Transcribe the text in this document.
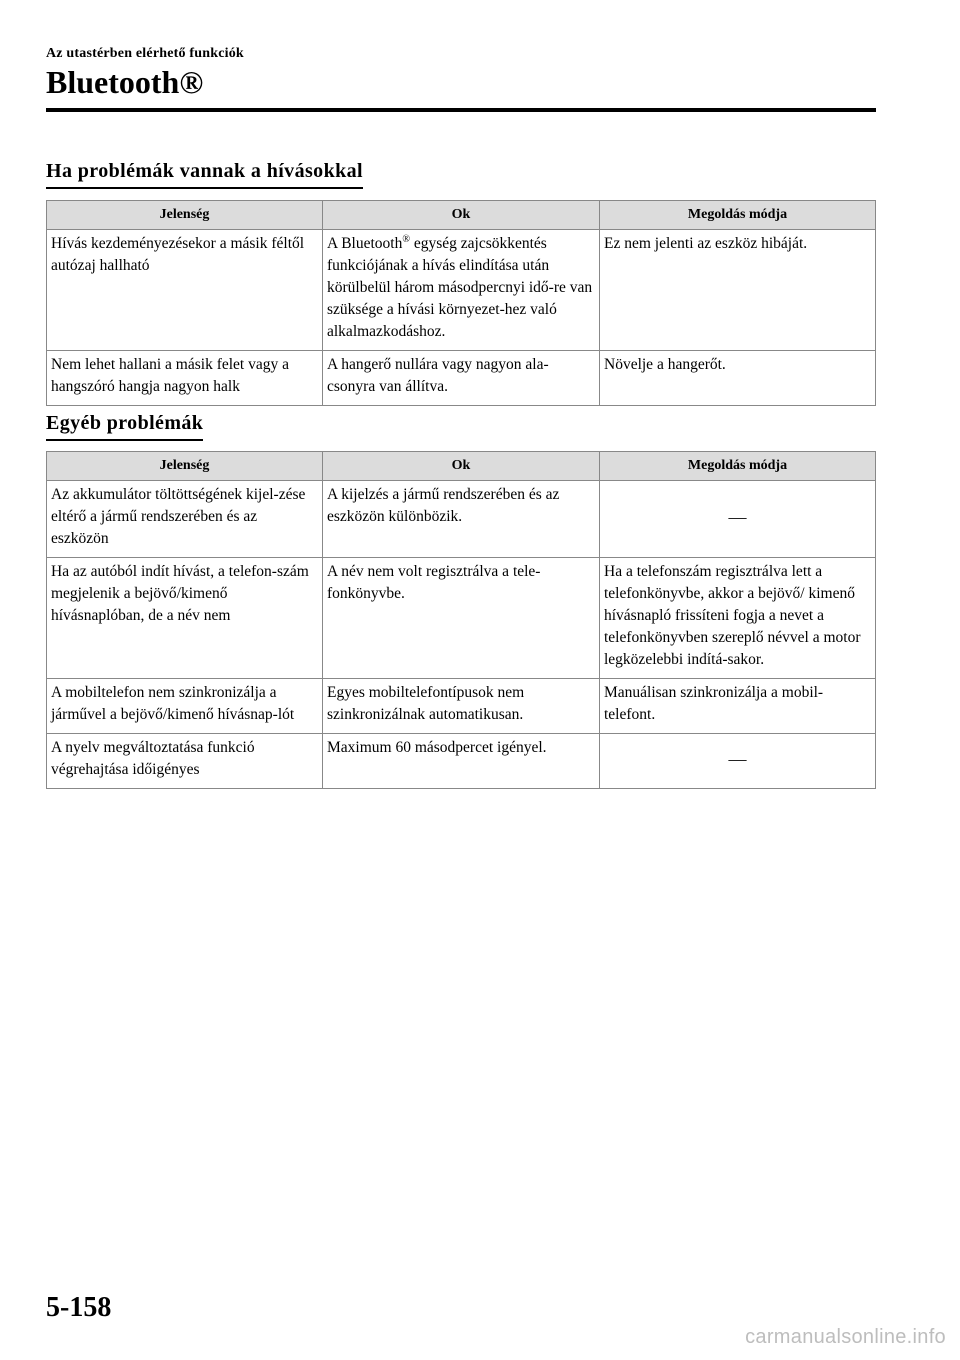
Az utastérben elérhető funkciók
Bluetooth®
Ha problémák vannak a hívásokkal
Jelenség	Ok	Megoldás módja
Hívás kezdeményezésekor a másik féltől autózaj hallható	A Bluetooth® egység zajcsökkentés funkciójának a hívás elindítása után körülbelül három másodpercnyi idő-re van szüksége a hívási környezet-hez való alkalmazkodáshoz.	Ez nem jelenti az eszköz hibáját.
Nem lehet hallani a másik felet vagy a hangszóró hangja nagyon halk	A hangerő nullára vagy nagyon ala-csonyra van állítva.	Növelje a hangerőt.
Egyéb problémák
Jelenség	Ok	Megoldás módja
Az akkumulátor töltöttségének kijel-zése eltérő a jármű rendszerében és az eszközön	A kijelzés a jármű rendszerében és az eszközön különbözik.	—
Ha az autóból indít hívást, a telefon-szám megjelenik a bejövő/kimenő hívásnaplóban, de a név nem	A név nem volt regisztrálva a tele-fonkönyvbe.	Ha a telefonszám regisztrálva lett a telefonkönyvbe, akkor a bejövő/ kimenő hívásnapló frissíteni fogja a nevet a telefonkönyvben szereplő névvel a motor legközelebbi indítá-sakor.
A mobiltelefon nem szinkronizálja a járművel a bejövő/kimenő hívásnap-lót	Egyes mobiltelefontípusok nem szinkronizálnak automatikusan.	Manuálisan szinkronizálja a mobil-telefont.
A nyelv megváltoztatása funkció végrehajtása időigényes	Maximum 60 másodpercet igényel.	—
5-158
carmanualsonline.info
